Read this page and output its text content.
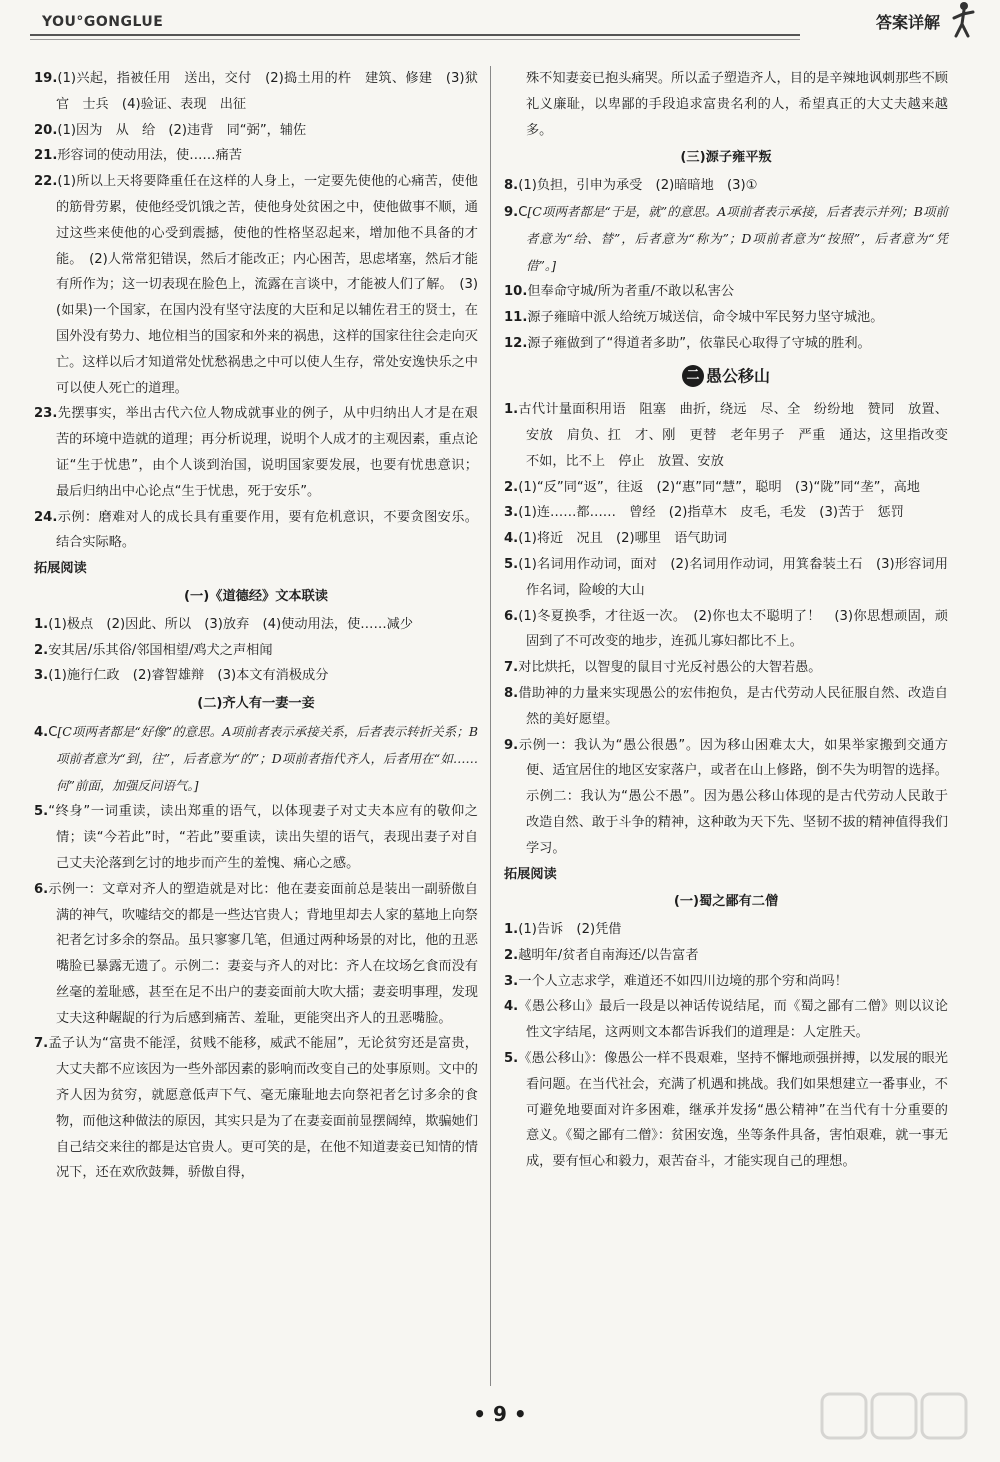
YOU°GONGLUE	答案详解

19.(1)兴起，指被任用　送出，交付　(2)捣土用的杵　建筑、修建　(3)狱官　士兵　(4)验证、表现　出征

20.(1)因为　从　给　(2)违背　同“弼”，辅佐

21.形容词的使动用法，使……痛苦

22.(1)所以上天将要降重任在这样的人身上，一定要先使他的心痛苦，使他的筋骨劳累，使他经受饥饿之苦，使他身处贫困之中，使他做事不顺，通过这些来使他的心受到震撼，使他的性格坚忍起来，增加他不具备的才能。　(2)人常常犯错误，然后才能改正；内心困苦，思虑堵塞，然后才能有所作为；这一切表现在脸色上，流露在言谈中，才能被人们了解。　(3)(如果)一个国家，在国内没有坚守法度的大臣和足以辅佐君王的贤士，在国外没有势力、地位相当的国家和外来的祸患，这样的国家往往会走向灭亡。这样以后才知道常处忧愁祸患之中可以使人生存，常处安逸快乐之中可以使人死亡的道理。

23.先摆事实，举出古代六位人物成就事业的例子，从中归纳出人才是在艰苦的环境中造就的道理；再分析说理，说明个人成才的主观因素，重点论证“生于忧患”，由个人谈到治国，说明国家要发展，也要有忧患意识；最后归纳出中心论点“生于忧患，死于安乐”。

24.示例：磨难对人的成长具有重要作用，要有危机意识，不要贪图安乐。结合实际略。

拓展阅读

(一)《道德经》文本联读

1.(1)极点　(2)因此、所以　(3)放弃　(4)使动用法，使……减少

2.安其居/乐其俗/邻国相望/鸡犬之声相闻

3.(1)施行仁政　(2)睿智雄辩　(3)本文有消极成分

(二)齐人有一妻一妾

4.C[C项两者都是“好像”的意思。A项前者表示承接关系，后者表示转折关系；B项前者意为“到，往”，后者意为“的”；D项前者指代齐人，后者用在“如……何”前面，加强反问语气。]

5.“终身”一词重读，读出郑重的语气，以体现妻子对丈夫本应有的敬仰之情；读“今若此”时，“若此”要重读，读出失望的语气，表现出妻子对自己丈夫沦落到乞讨的地步而产生的羞愧、痛心之感。

6.示例一：文章对齐人的塑造就是对比：他在妻妾面前总是装出一副骄傲自满的神气，吹嘘结交的都是一些达官贵人；背地里却去人家的墓地上向祭祀者乞讨多余的祭品。虽只寥寥几笔，但通过两种场景的对比，他的丑恶嘴脸已暴露无遗了。示例二：妻妾与齐人的对比：齐人在坟场乞食而没有丝毫的羞耻感，甚至在足不出户的妻妾面前大吹大擂；妻妾明事理，发现丈夫这种龌龊的行为后感到痛苦、羞耻，更能突出齐人的丑恶嘴脸。

7.孟子认为“富贵不能淫，贫贱不能移，威武不能屈”，无论贫穷还是富贵，大丈夫都不应该因为一些外部因素的影响而改变自己的处事原则。文中的齐人因为贫穷，就愿意低声下气、毫无廉耻地去向祭祀者乞讨多余的食物，而他这种做法的原因，其实只是为了在妻妾面前显摆阔绰，欺骗她们自己结交来往的都是达官贵人。更可笑的是，在他不知道妻妾已知情的情况下，还在欢欣鼓舞，骄傲自得，

殊不知妻妾已抱头痛哭。所以孟子塑造齐人，目的是辛辣地讽刺那些不顾礼义廉耻，以卑鄙的手段追求富贵名利的人，希望真正的大丈夫越来越多。

(三)源子雍平叛

8.(1)负担，引申为承受　(2)暗暗地　(3)①

9.C[C项两者都是“于是，就”的意思。A项前者表示承接，后者表示并列；B项前者意为“给、替”，后者意为“称为”；D项前者意为“按照”，后者意为“凭借”。]

10.但奉命守城/所为者重/不敢以私害公

11.源子雍暗中派人给统万城送信，命令城中军民努力坚守城池。

12.源子雍做到了“得道者多助”，依靠民心取得了守城的胜利。

二 愚公移山

1.古代计量面积用语　阻塞　曲折，绕远　尽、全　纷纷地　赞同　放置、安放　肩负、扛　才、刚　更替　老年男子　严重　通达，这里指改变　不如，比不上　停止　放置、安放

2.(1)“反”同“返”，往返　(2)“惠”同“慧”，聪明　(3)“陇”同“垄”，高地

3.(1)连……都……　曾经　(2)指草木　皮毛，毛发　(3)苦于　惩罚

4.(1)将近　况且　(2)哪里　语气助词

5.(1)名词用作动词，面对　(2)名词用作动词，用箕畚装土石　(3)形容词用作名词，险峻的大山

6.(1)冬夏换季，才往返一次。　(2)你也太不聪明了！　(3)你思想顽固，顽固到了不可改变的地步，连孤儿寡妇都比不上。

7.对比烘托，以智叟的鼠目寸光反衬愚公的大智若愚。

8.借助神的力量来实现愚公的宏伟抱负，是古代劳动人民征服自然、改造自然的美好愿望。

9.示例一：我认为“愚公很愚”。因为移山困难太大，如果举家搬到交通方便、适宜居住的地区安家落户，或者在山上修路，倒不失为明智的选择。示例二：我认为“愚公不愚”。因为愚公移山体现的是古代劳动人民敢于改造自然、敢于斗争的精神，这种敢为天下先、坚韧不拔的精神值得我们学习。

拓展阅读

(一)蜀之鄙有二僧

1.(1)告诉　(2)凭借

2.越明年/贫者自南海还/以告富者

3.一个人立志求学，难道还不如四川边境的那个穷和尚吗！

4.《愚公移山》最后一段是以神话传说结尾，而《蜀之鄙有二僧》则以议论性文字结尾，这两则文本都告诉我们的道理是：人定胜天。

5.《愚公移山》：像愚公一样不畏艰难，坚持不懈地顽强拼搏，以发展的眼光看问题。在当代社会，充满了机遇和挑战。我们如果想建立一番事业，不可避免地要面对许多困难，继承并发扬“愚公精神”在当代有十分重要的意义。《蜀之鄙有二僧》：贫困安逸，坐等条件具备，害怕艰难，就一事无成，要有恒心和毅力，艰苦奋斗，才能实现自己的理想。

• 9 •
